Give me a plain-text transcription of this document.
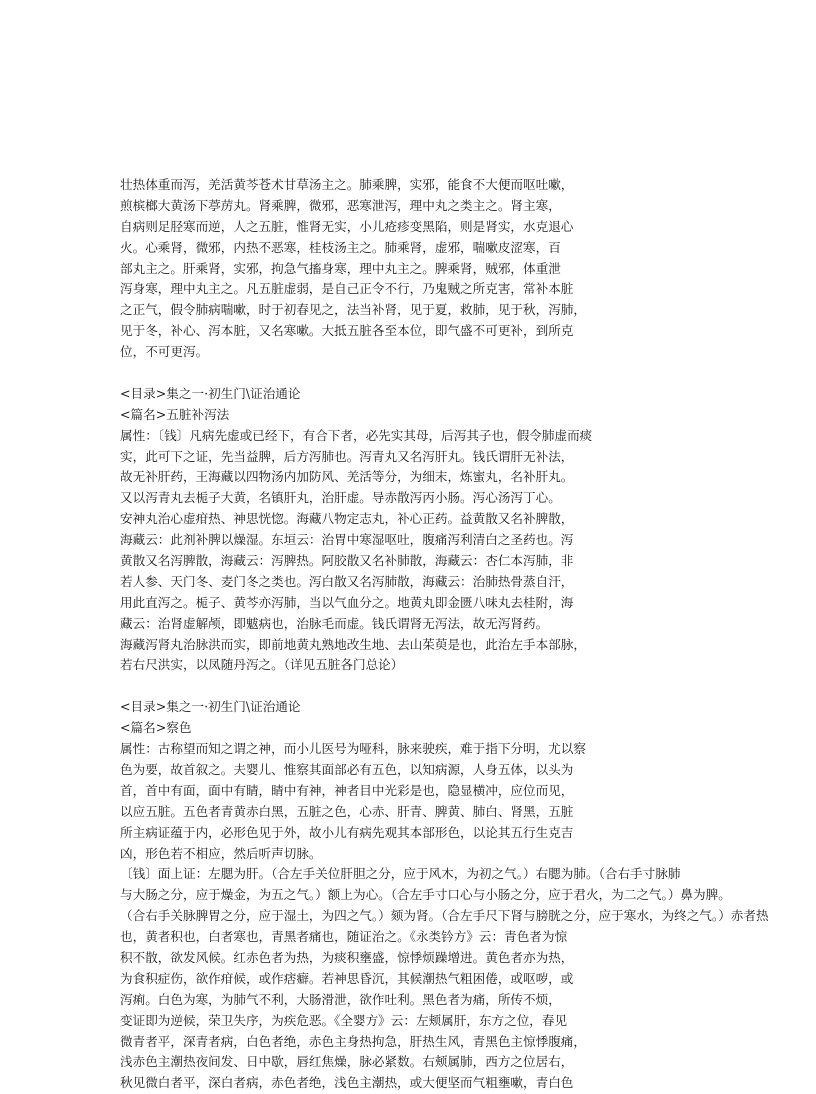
壮热体重而泻，羌活黄芩苍术甘草汤主之。肺乘脾，实邪，能食不大便而呕吐嗽，
煎槟榔大黄汤下葶苈丸。肾乘脾，微邪，恶寒泄泻，理中丸之类主之。肾主寒，
自病则足胫寒而逆，人之五脏，惟肾无实，小儿疮疹变黑陷，则是肾实，水克退心
火。心乘肾，微邪，内热不恶寒，桂枝汤主之。肺乘肾，虚邪，喘嗽皮涩寒，百
部丸主之。肝乘肾，实邪，拘急气搐身寒，理中丸主之。脾乘肾，贼邪，体重泄
泻身寒，理中丸主之。凡五脏虚弱，是自己正令不行，乃鬼贼之所克害，常补本脏
之正气，假令肺病喘嗽，时于初春见之，法当补肾，见于夏，救肺，见于秋，泻肺，
见于冬，补心、泻本脏，又名寒嗽。大抵五脏各至本位，即气盛不可更补，到所克
位，不可更泻。
<目录>集之一·初生门\证治通论
<篇名>五脏补泻法
属性：〔钱〕凡病先虚或已经下，有合下者，必先实其母，后泻其子也，假令肺虚而痰
实，此可下之证，先当益脾，后方泻肺也。泻青丸又名泻肝丸。钱氏谓肝无补法，
故无补肝药，王海藏以四物汤内加防风、羌活等分，为细末，炼蜜丸，名补肝丸。
又以泻青丸去栀子大黄，名镇肝丸，治肝虚。导赤散泻丙小肠。泻心汤泻丁心。
安神丸治心虚疳热、神思恍惚。海藏八物定志丸，补心正药。益黄散又名补脾散，
海藏云：此剂补脾以燥湿。东垣云：治胃中寒湿呕吐，腹痛泻利清白之圣药也。泻
黄散又名泻脾散，海藏云：泻脾热。阿胶散又名补肺散，海藏云：杏仁本泻肺，非
若人参、天门冬、麦门冬之类也。泻白散又名泻肺散，海藏云：治肺热骨蒸自汗，
用此直泻之。栀子、黄芩亦泻肺，当以气血分之。地黄丸即金匮八味丸去桂附，海
藏云：治肾虚解颅，即魃病也，治脉毛而虚。钱氏谓肾无泻法，故无泻肾药。
海藏泻肾丸治脉洪而实，即前地黄丸熟地改生地、去山茱萸是也，此治左手本部脉，
若右尺洪实，以凤随丹泻之。（详见五脏各门总论）
<目录>集之一·初生门\证治通论
<篇名>察色
属性：古称望而知之谓之神，而小儿医号为哑科，脉来驶疾，难于指下分明，尤以察
色为要，故首叙之。夫婴儿、惟察其面部必有五色，以知病源，人身五体，以头为
首，首中有面，面中有睛，睛中有神，神者目中光彩是也，隐显横冲，应位而见，
以应五脏。五色者青黄赤白黑，五脏之色，心赤、肝青、脾黄、肺白、肾黑，五脏
所主病证蕴于内，必形色见于外，故小儿有病先观其本部形色，以论其五行生克吉
凶，形色若不相应，然后听声切脉。
〔钱〕面上证：左腮为肝。（合左手关位肝胆之分，应于风木，为初之气。）右腮为肺。（合右手寸脉肺
与大肠之分，应于燥金，为五之气。）额上为心。（合左手寸口心与小肠之分，应于君火，为二之气。）鼻为脾。
（合右手关脉脾胃之分，应于湿土，为四之气。）颏为肾。（合左手尺下肾与膀胱之分，应于寒水，为终之气。）赤者热
也，黄者积也，白者寒也，青黑者痛也，随证治之。《永类钤方》云：青色者为惊
积不散，欲发风候。红赤色者为热，为痰积壅盛，惊悸烦躁增进。黄色者亦为热，
为食积症伤，欲作疳候，或作痞癖。若神思昏沉，其候潮热气粗困倦，或呕哕，或
泻痢。白色为寒，为肺气不利，大肠滑泄，欲作吐利。黑色者为痛，所传不烦，
变证即为逆候，荣卫失序，为疾危恶。《全婴方》云：左颊属肝，东方之位，春见
微青者平，深青者病，白色者绝，赤色主身热拘急，肝热生风，青黑色主惊悸腹痛，
浅赤色主潮热夜间发、日中歇，唇红焦燥，脉必紧数。右颊属肺，西方之位居右，
秋见微白者平，深白者病，赤色者绝，浅色主潮热，或大便坚而气粗壅嗽，青白色
